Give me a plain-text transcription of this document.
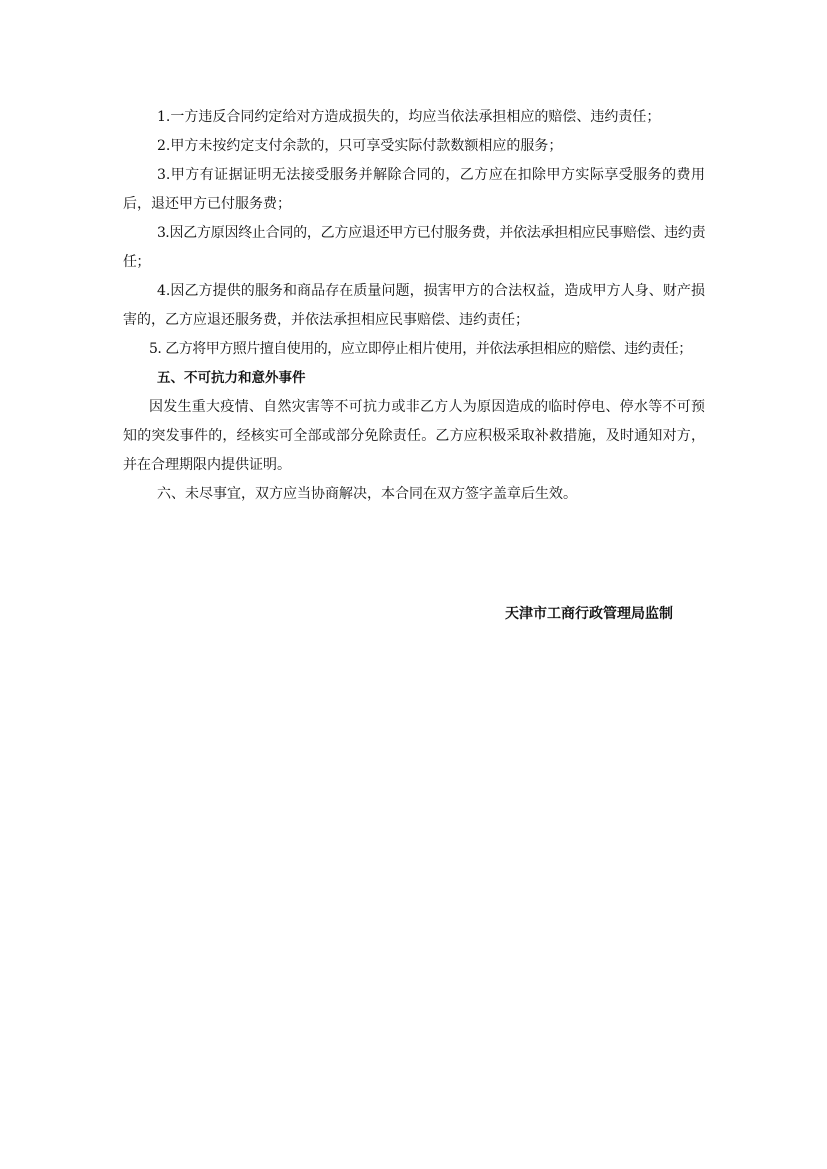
1.一方违反合同约定给对方造成损失的，均应当依法承担相应的赔偿、违约责任；

2.甲方未按约定支付余款的，只可享受实际付款数额相应的服务；

3.甲方有证据证明无法接受服务并解除合同的，乙方应在扣除甲方实际享受服务的费用后，退还甲方已付服务费；

3.因乙方原因终止合同的，乙方应退还甲方已付服务费，并依法承担相应民事赔偿、违约责任；

4.因乙方提供的服务和商品存在质量问题，损害甲方的合法权益，造成甲方人身、财产损害的，乙方应退还服务费，并依法承担相应民事赔偿、违约责任；

5. 乙方将甲方照片擅自使用的，应立即停止相片使用，并依法承担相应的赔偿、违约责任；

五、不可抗力和意外事件

因发生重大疫情、自然灾害等不可抗力或非乙方人为原因造成的临时停电、停水等不可预知的突发事件的，经核实可全部或部分免除责任。乙方应积极采取补救措施，及时通知对方，并在合理期限内提供证明。

六、未尽事宜，双方应当协商解决，本合同在双方签字盖章后生效。

天津市工商行政管理局监制
